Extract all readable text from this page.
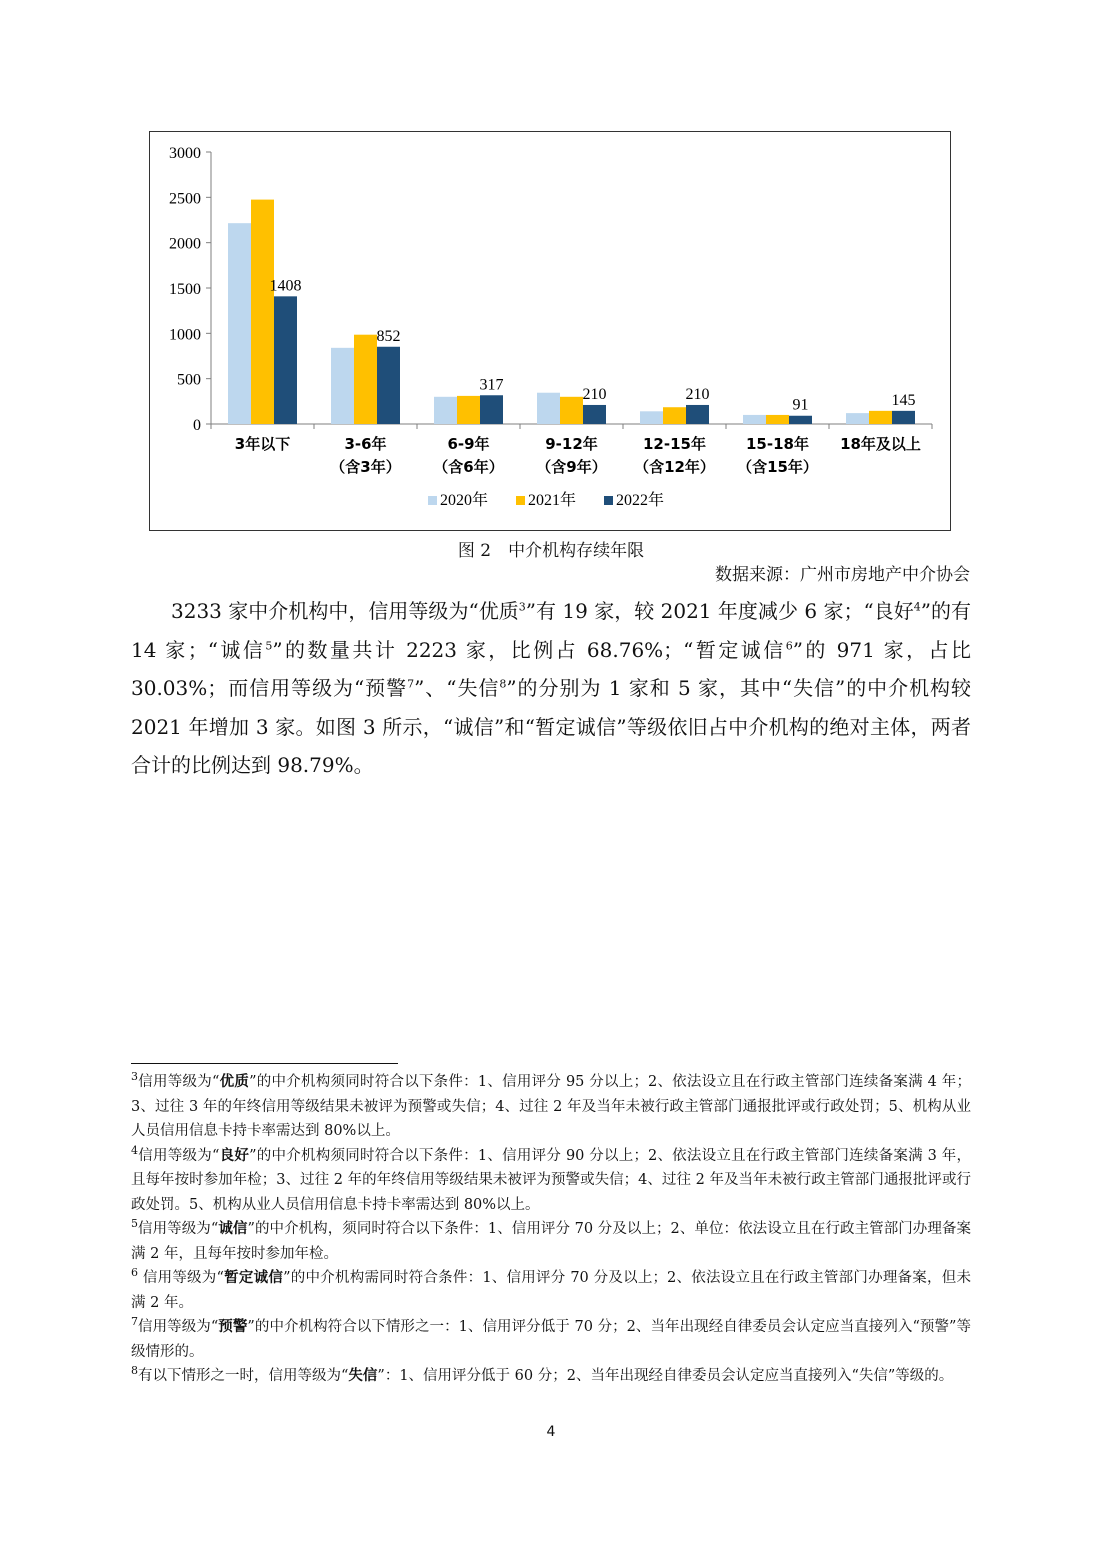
0
500
1000
1500
2000
2500
3000
1408
3年以下
852
3-6年
（含3年）
317
6-9年
（含6年）
210
9-12年
（含9年）
210
12-15年
（含12年）
91
15-18年
（含15年）
145
18年及以上
2020年 2021年 2022年
图 2　中介机构存续年限
数据来源：广州市房地产中介协会

3233 家中介机构中，信用等级为“优质$^3$”有 19 家，较 2021 年度减少 6 家；“良好$^4$”的有 14 家；“诚信$^5$”的数量共计 2223 家，比例占 68.76%；“暂定诚信$^6$”的 971 家，占比 30.03%；而信用等级为“预警$^7$”、“失信$^8$”的分别为 1 家和 5 家，其中“失信”的中介机构较 2021 年增加 3 家。如图 3 所示，“诚信”和“暂定诚信”等级依旧占中介机构的绝对主体，两者合计的比例达到 98.79%。

$^3$信用等级为“优质”的中介机构须同时符合以下条件：1、信用评分 95 分以上；2、依法设立且在行政主管部门连续备案满 4 年；3、过往 3 年的年终信用等级结果未被评为预警或失信；4、过往 2 年及当年未被行政主管部门通报批评或行政处罚；5、机构从业人员信用信息卡持卡率需达到 80%以上。

$^4$信用等级为“良好”的中介机构须同时符合以下条件：1、信用评分 90 分以上；2、依法设立且在行政主管部门连续备案满 3 年，且每年按时参加年检；3、过往 2 年的年终信用等级结果未被评为预警或失信；4、过往 2 年及当年未被行政主管部门通报批评或行政处罚。5、机构从业人员信用信息卡持卡率需达到 80%以上。

$^5$信用等级为“诚信”的中介机构，须同时符合以下条件：1、信用评分 70 分及以上；2、单位：依法设立且在行政主管部门办理备案满 2 年，且每年按时参加年检。

$^6$ 信用等级为“暂定诚信”的中介机构需同时符合条件：1、信用评分 70 分及以上；2、依法设立且在行政主管部门办理备案，但未满 2 年。

$^7$信用等级为“预警”的中介机构符合以下情形之一：1、信用评分低于 70 分；2、当年出现经自律委员会认定应当直接列入“预警”等级情形的。

$^8$有以下情形之一时，信用等级为“失信”：1、信用评分低于 60 分；2、当年出现经自律委员会认定应当直接列入“失信”等级的。

4
